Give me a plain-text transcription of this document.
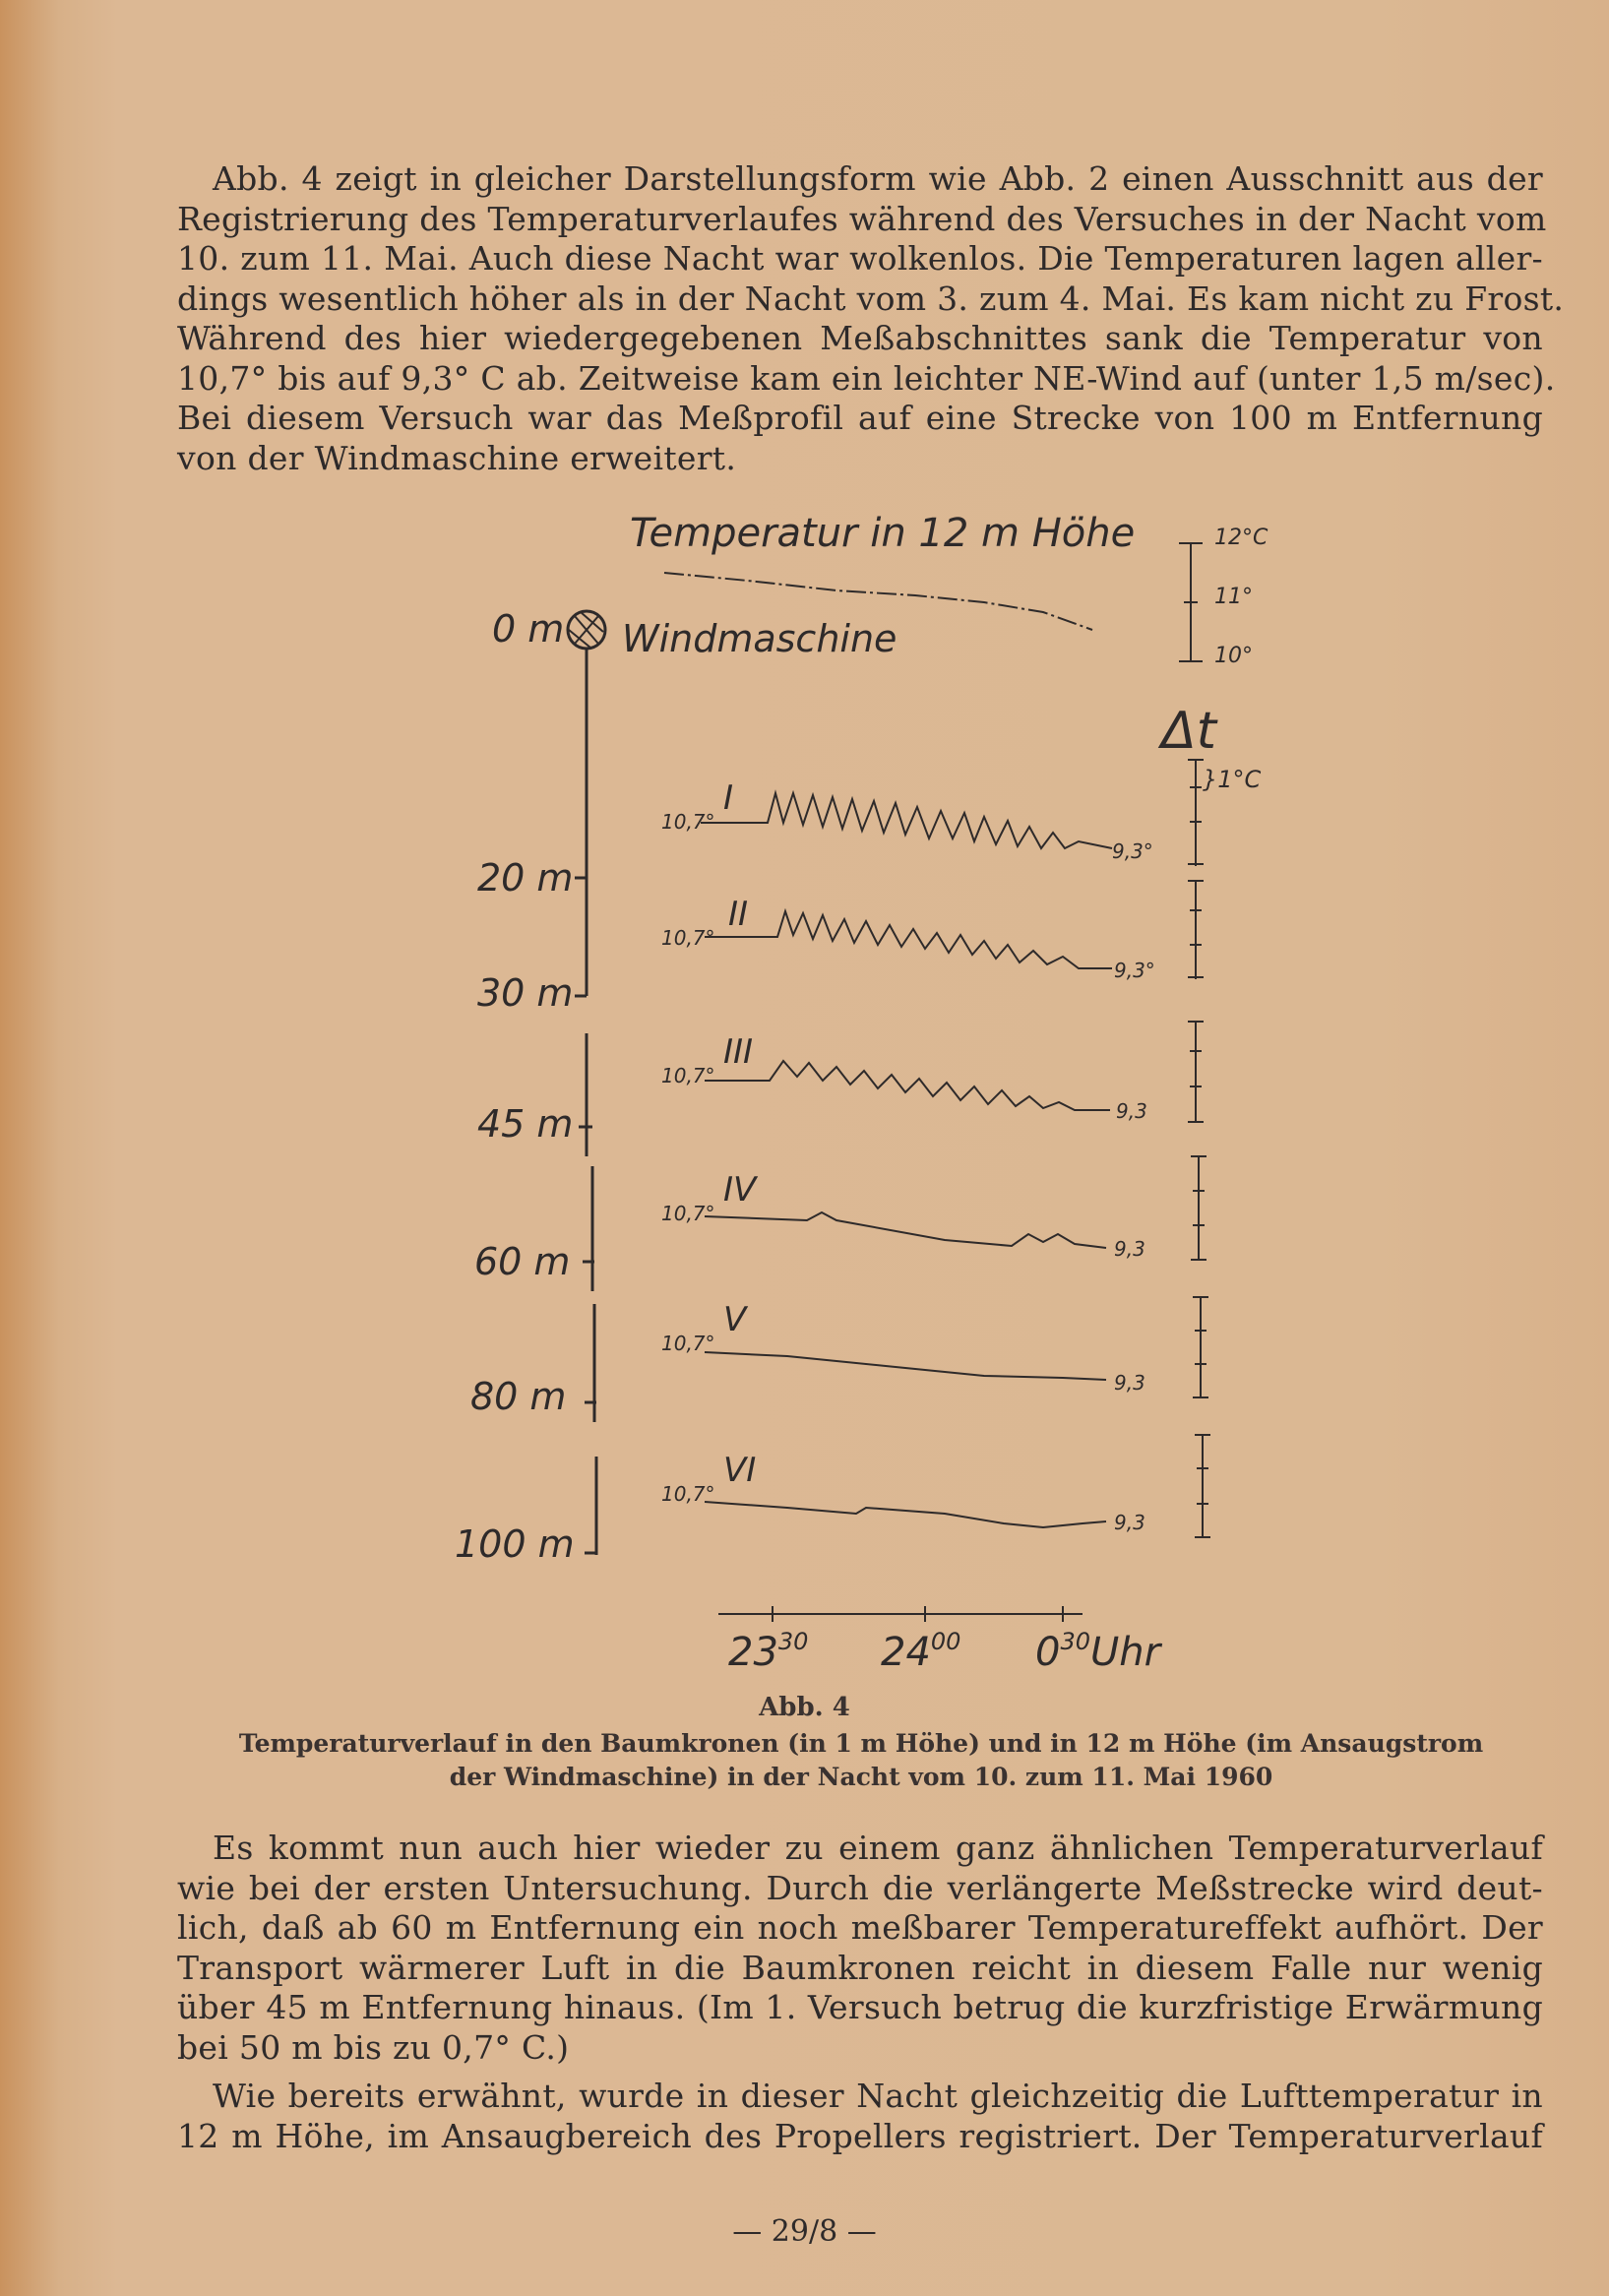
Abb. 4 zeigt in gleicher Darstellungsform wie Abb. 2 einen Ausschnitt aus der
Registrierung des Temperaturverlaufes während des Versuches in der Nacht vom
10. zum 11. Mai. Auch diese Nacht war wolkenlos. Die Temperaturen lagen aller-
dings wesentlich höher als in der Nacht vom 3. zum 4. Mai. Es kam nicht zu Frost.
Während des hier wiedergegebenen Meßabschnittes sank die Temperatur von
10,7° bis auf 9,3° C ab. Zeitweise kam ein leichter NE-Wind auf (unter 1,5 m/sec).
Bei diesem Versuch war das Meßprofil auf eine Strecke von 100 m Entfernung
von der Windmaschine erweitert.
Temperatur in 12 m Höhe	12°C
11°
10°
0 m Windmaschine
20 m
30 m
45 m
60 m
80 m
100 m
Δt
}1°C
I
10,7°
9,3°
II
10,7°
9,3°
III
10,7°
9,3
IV
10,7°
9,3
V
10,7°
9,3
VI
10,7°
9,3
$23^{30}$ $24^{00}$ $0^{30}Uhr$
Abb. 4
Temperaturverlauf in den Baumkronen (in 1 m Höhe) und in 12 m Höhe (im Ansaugstrom
der Windmaschine) in der Nacht vom 10. zum 11. Mai 1960
Es kommt nun auch hier wieder zu einem ganz ähnlichen Temperaturverlauf
wie bei der ersten Untersuchung. Durch die verlängerte Meßstrecke wird deut-
lich, daß ab 60 m Entfernung ein noch meßbarer Temperatureffekt aufhört. Der
Transport wärmerer Luft in die Baumkronen reicht in diesem Falle nur wenig
über 45 m Entfernung hinaus. (Im 1. Versuch betrug die kurzfristige Erwärmung
bei 50 m bis zu 0,7° C.)
Wie bereits erwähnt, wurde in dieser Nacht gleichzeitig die Lufttemperatur in
12 m Höhe, im Ansaugbereich des Propellers registriert. Der Temperaturverlauf
— 29/8 —
